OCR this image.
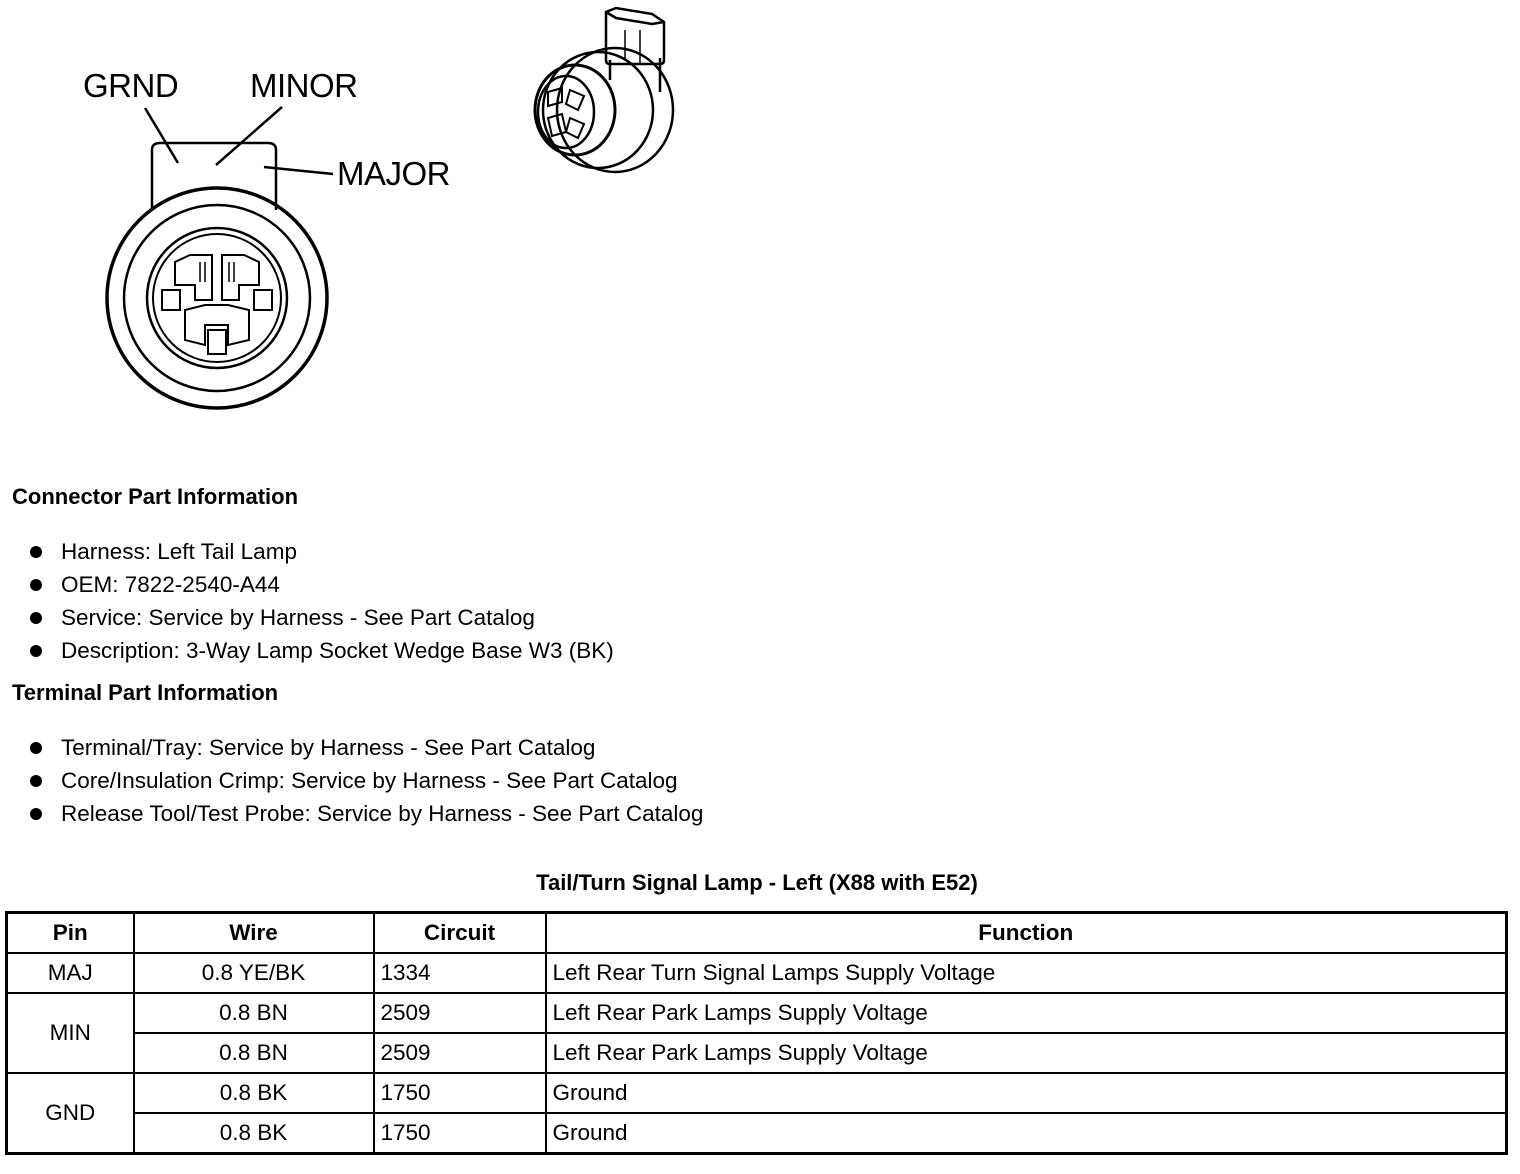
GRND MINOR
MAJOR
Connector Part Information
Harness: Left Tail Lamp
OEM: 7822-2540-A44
Service: Service by Harness - See Part Catalog
Description: 3-Way Lamp Socket Wedge Base W3 (BK)
Terminal Part Information
Terminal/Tray: Service by Harness - See Part Catalog
Core/Insulation Crimp: Service by Harness - See Part Catalog
Release Tool/Test Probe: Service by Harness - See Part Catalog
Tail/Turn Signal Lamp - Left (X88 with E52)
Pin	Wire	Circuit	Function
MAJ	0.8 YE/BK	1334	Left Rear Turn Signal Lamps Supply Voltage
MIN	0.8 BN	2509	Left Rear Park Lamps Supply Voltage
	0.8 BN	2509	Left Rear Park Lamps Supply Voltage
GND	0.8 BK	1750	Ground
	0.8 BK	1750	Ground
